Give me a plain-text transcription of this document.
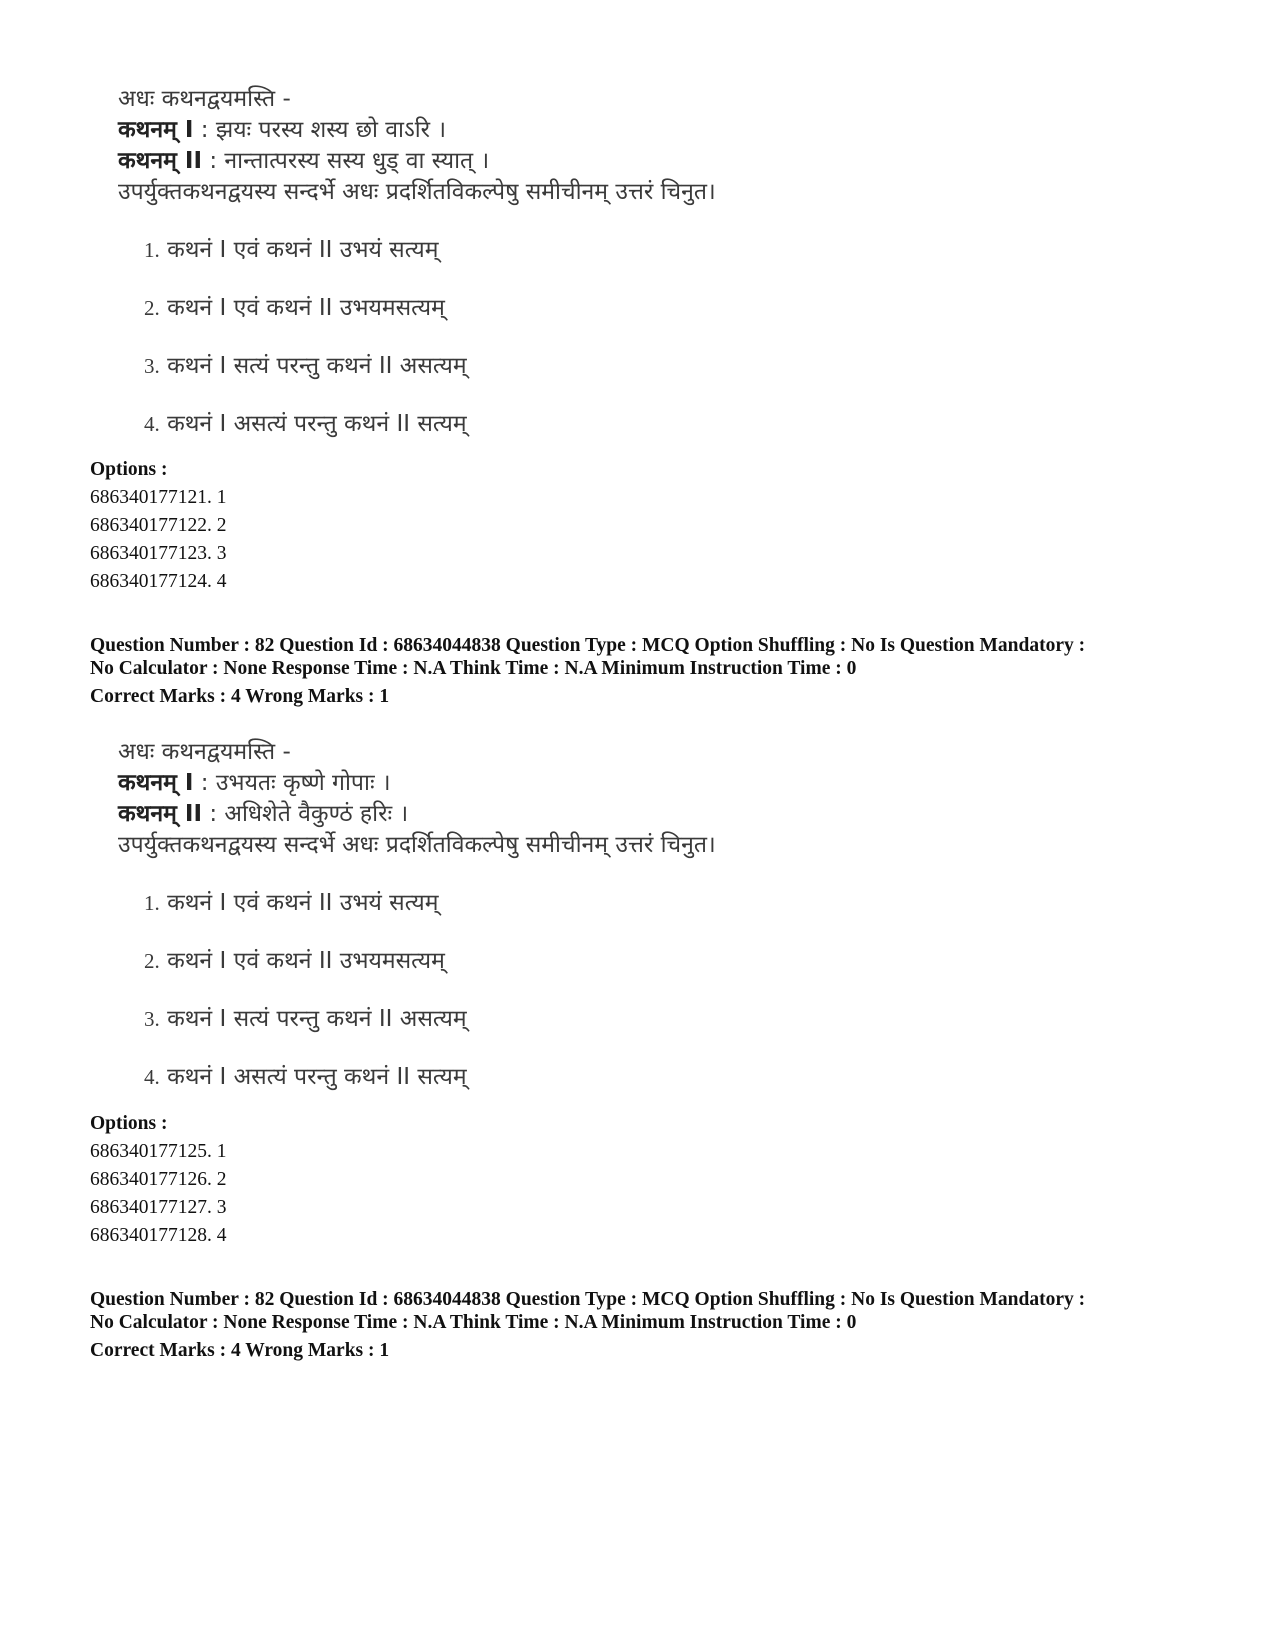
अधः कथनद्वयमस्ति -
कथनम् I : झयः परस्य शस्य छो वाऽरि ।
कथनम् II : नान्तात्परस्य सस्य धुड् वा स्यात् ।
उपर्युक्तकथनद्वयस्य सन्दर्भे अधः प्रदर्शितविकल्पेषु समीचीनम् उत्तरं चिनुत।
1. कथनं I एवं कथनं II उभयं सत्यम्
2. कथनं I एवं कथनं II उभयमसत्यम्
3. कथनं I सत्यं परन्तु कथनं II असत्यम्
4. कथनं I असत्यं परन्तु कथनं II सत्यम्
Options :
686340177121. 1
686340177122. 2
686340177123. 3
686340177124. 4
Question Number : 82 Question Id : 68634044838 Question Type : MCQ Option Shuffling : No Is Question Mandatory :
No Calculator : None Response Time : N.A Think Time : N.A Minimum Instruction Time : 0
Correct Marks : 4 Wrong Marks : 1
अधः कथनद्वयमस्ति -
कथनम् I : उभयतः कृष्णे गोपाः ।
कथनम् II : अधिशेते वैकुण्ठं हरिः ।
उपर्युक्तकथनद्वयस्य सन्दर्भे अधः प्रदर्शितविकल्पेषु समीचीनम् उत्तरं चिनुत।
1. कथनं I एवं कथनं II उभयं सत्यम्
2. कथनं I एवं कथनं II उभयमसत्यम्
3. कथनं I सत्यं परन्तु कथनं II असत्यम्
4. कथनं I असत्यं परन्तु कथनं II सत्यम्
Options :
686340177125. 1
686340177126. 2
686340177127. 3
686340177128. 4
Question Number : 82 Question Id : 68634044838 Question Type : MCQ Option Shuffling : No Is Question Mandatory :
No Calculator : None Response Time : N.A Think Time : N.A Minimum Instruction Time : 0
Correct Marks : 4 Wrong Marks : 1
